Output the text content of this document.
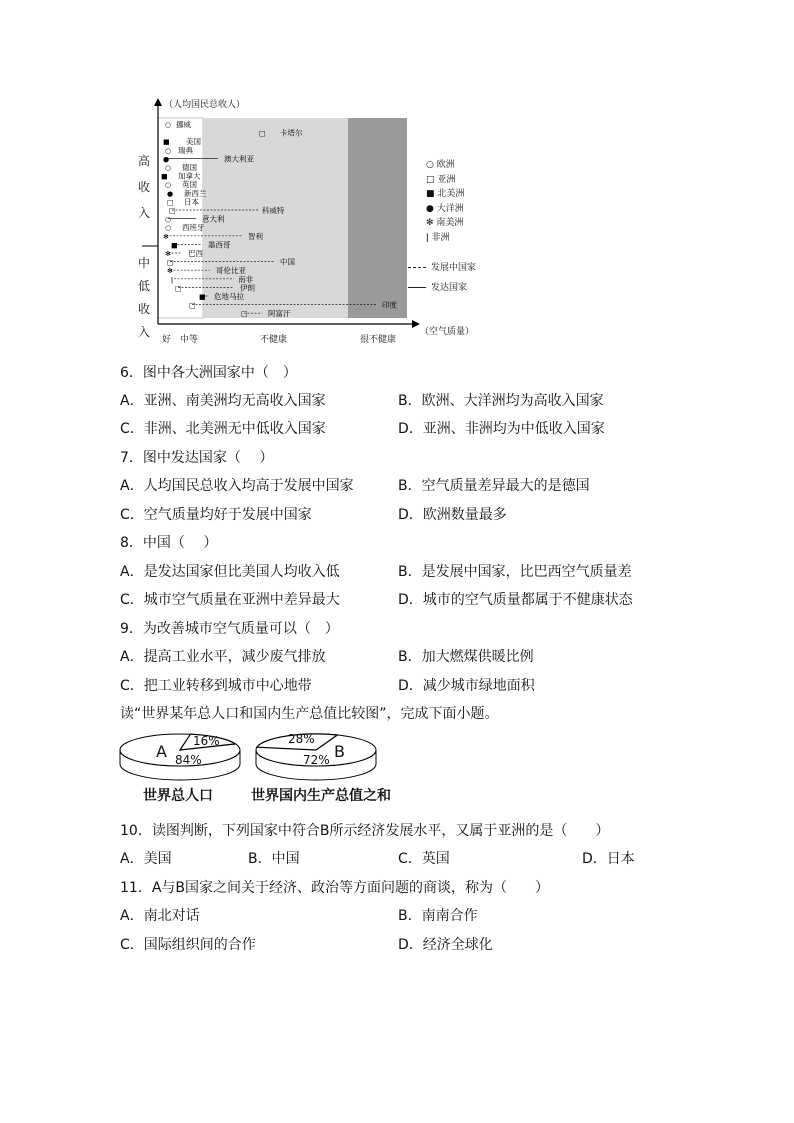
○ 挪威
□ 卡塔尔
■ 美国
○ 瑞典
●	澳大利亚
○ 德国
■ 加拿大
○ 英国
● 新西兰
□ 日本
□	科威特
○	意大利
○ 西班牙
✻	智利
■	墨西哥
✻ 巴西
□	中国
✻	哥伦比亚
ǀ	南非
□	伊朗
■ 危地马拉
□	印度
□	阿富汗
（人均国民总收人）
（空气质量）
高
收
入
中
低
收
入
好 中等	不健康	很不健康
○ 欧洲
□ 亚洲
■ 北美洲
● 大洋洲
✻ 南美洲
ǀ 非洲
发展中国家
发达国家
6．图中各大洲国家中（　）
A．亚洲、南美洲均无高收入国家	B．欧洲、大洋洲均为高收入国家
C．非洲、北美洲无中低收入国家	D．亚洲、非洲均为中低收入国家
7．图中发达国家（　 ）
A．人均国民总收入均高于发展中国家	B．空气质量差异最大的是德国
C．空气质量均好于发展中国家	D．欧洲数量最多
8．中国（　 ）
A．是发达国家但比美国人均收入低	B．是发展中国家，比巴西空气质量差
C．城市空气质量在亚洲中差异最大	D．城市的空气质量都属于不健康状态
9．为改善城市空气质量可以（　）
A．提高工业水平，减少废气排放	B．加大燃煤供暖比例
C．把工业转移到城市中心地带	D．减少城市绿地面积
读“世界某年总人口和国内生产总值比较图”，完成下面小题。
A
16%
84%	B
28%
72%
世界总人口	世界国内生产总值之和
10．读图判断，下列国家中符合B所示经济发展水平，又属于亚洲的是（　　）
A．美国	B．中国	C．英国	D．日本
11．A与B国家之间关于经济、政治等方面问题的商谈，称为（　　）
A．南北对话	B．南南合作
C．国际组织间的合作	D．经济全球化
